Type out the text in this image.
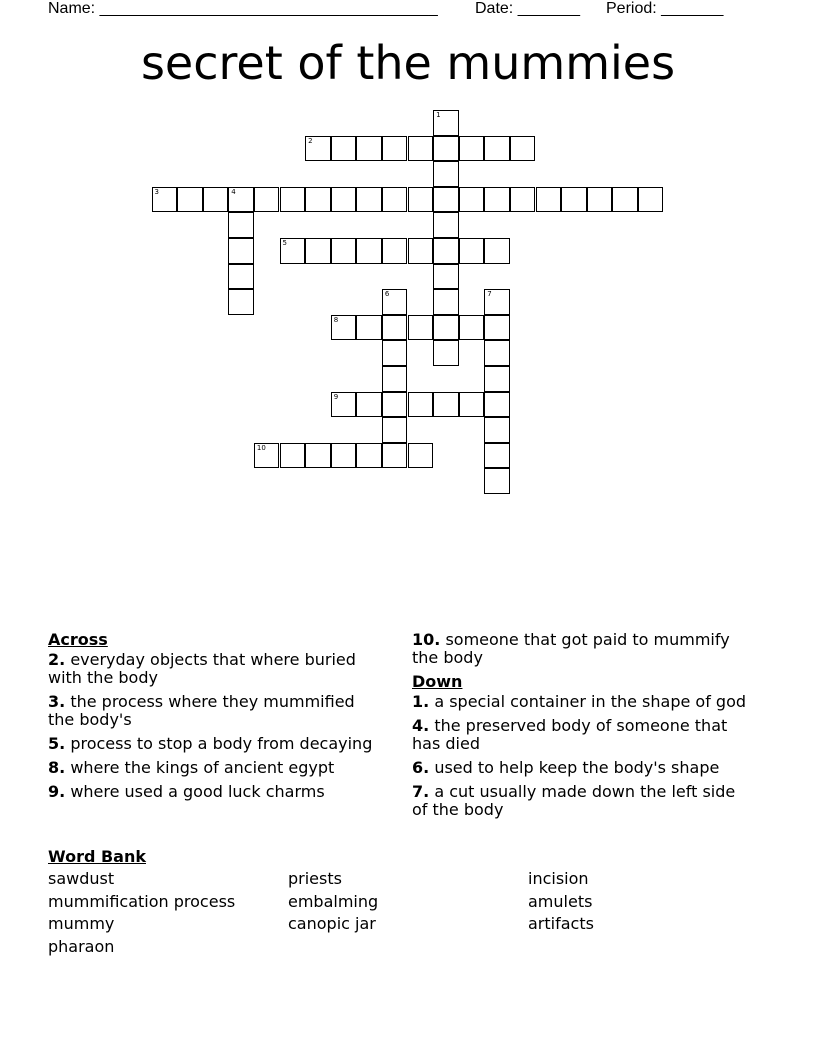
Name: ______________________________________ Date: _______ Period: _______
secret of the mummies
1
2
3	4
5
6	7
8
9
10
Across
2. everyday objects that where buried with the body
3. the process where they mummified the body's
5. process to stop a body from decaying
8. where the kings of ancient egypt
9. where used a good luck charms
10. someone that got paid to mummify the body
Down
1. a special container in the shape of god
4. the preserved body of someone that has died
6. used to help keep the body's shape
7. a cut usually made down the left side of the body
Word Bank
sawdust	priests	incision
mummification process	embalming	amulets
mummy	canopic jar	artifacts
pharaon
